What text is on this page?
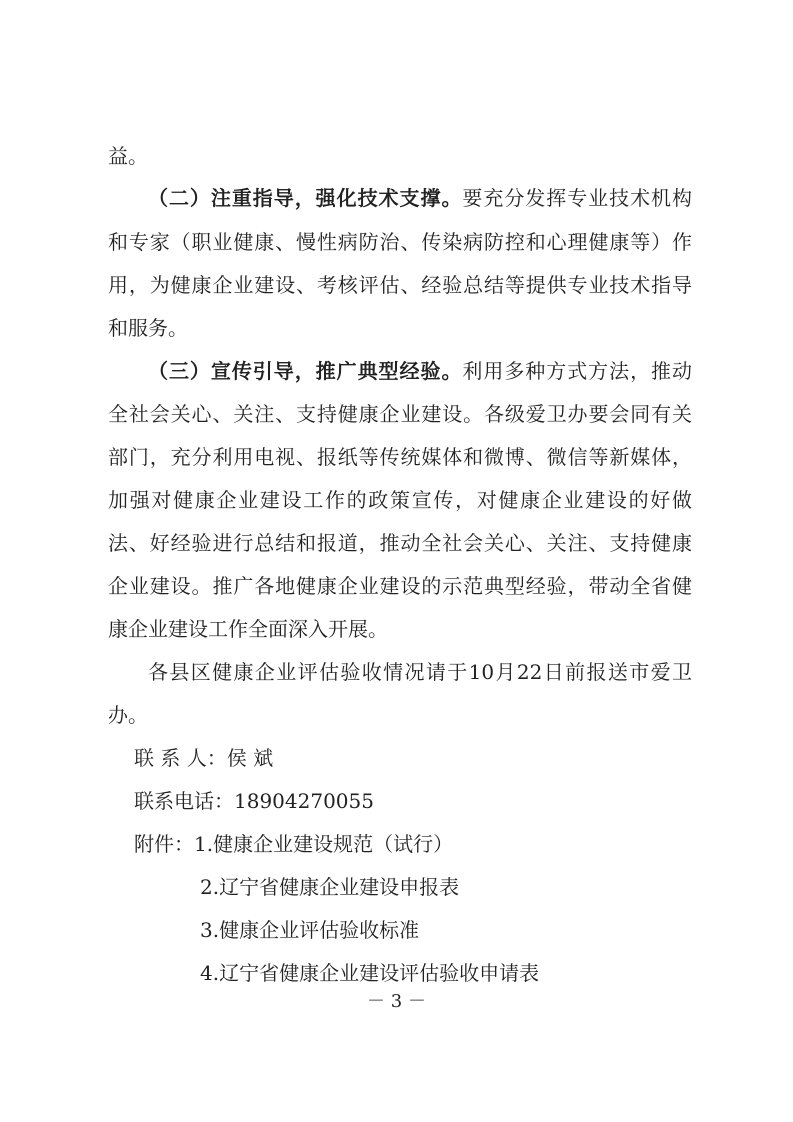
益。
（二）注重指导，强化技术支撑。要充分发挥专业技术机构
和专家（职业健康、慢性病防治、传染病防控和心理健康等）作
用，为健康企业建设、考核评估、经验总结等提供专业技术指导
和服务。
（三）宣传引导，推广典型经验。利用多种方式方法，推动
全社会关心、关注、支持健康企业建设。各级爱卫办要会同有关
部门，充分利用电视、报纸等传统媒体和微博、微信等新媒体，
加强对健康企业建设工作的政策宣传，对健康企业建设的好做
法、好经验进行总结和报道，推动全社会关心、关注、支持健康
企业建设。推广各地健康企业建设的示范典型经验，带动全省健
康企业建设工作全面深入开展。
各县区健康企业评估验收情况请于10月22日前报送市爱卫
办。
联 系 人：侯 斌
联系电话：18904270055
附件：1.健康企业建设规范（试行）
2.辽宁省健康企业建设申报表
3.健康企业评估验收标准
4.辽宁省健康企业建设评估验收申请表
－ 3 －
